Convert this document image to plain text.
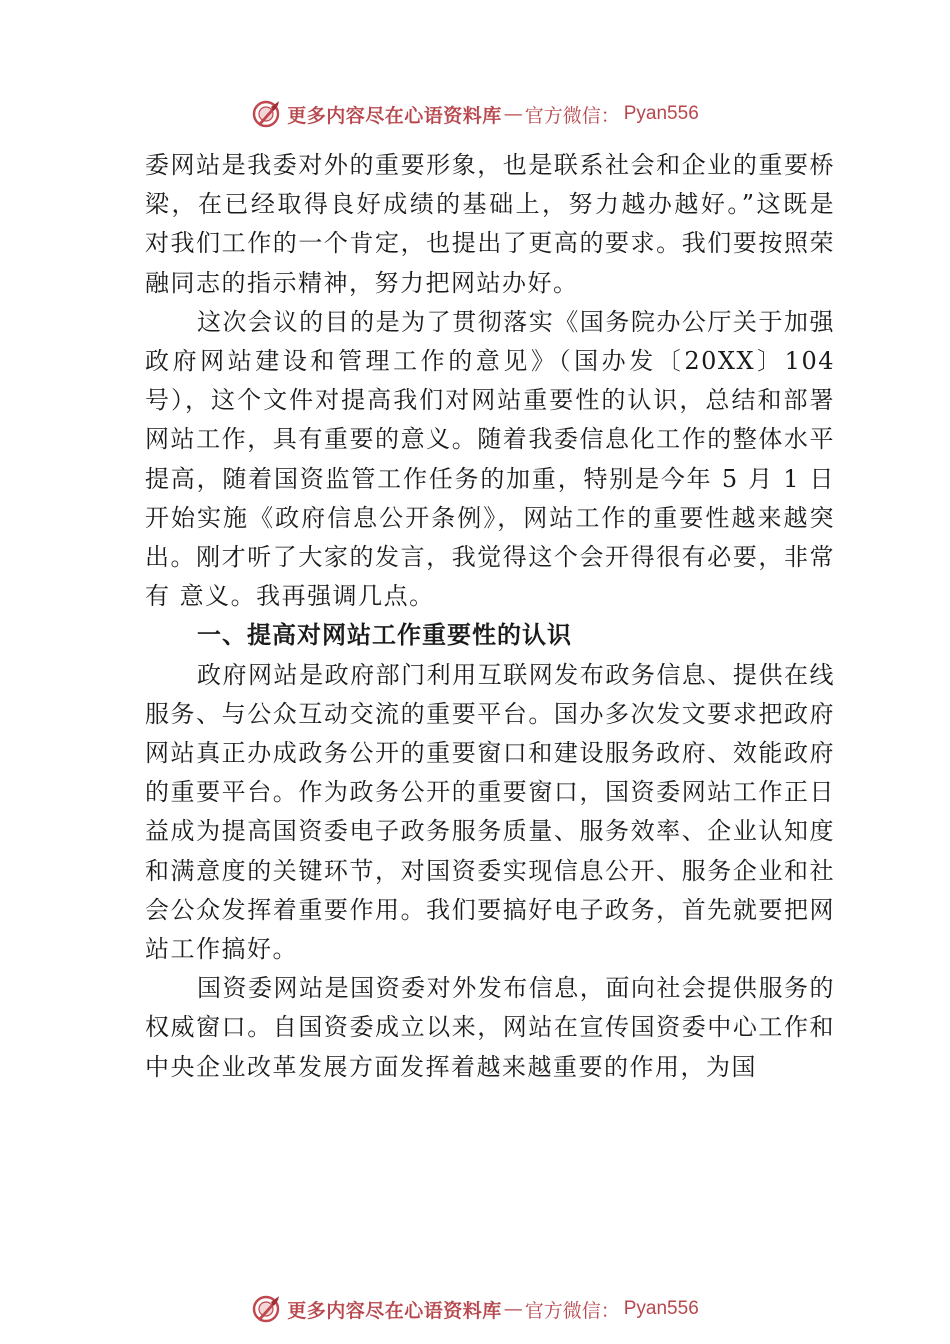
更多内容尽在心语资料库 — 官方微信： Pyan556

委网站是我委对外的重要形象，也是联系社会和企业的重要桥梁，在已经取得良好成绩的基础上，努力越办越好。”这既是对我们工作的一个肯定，也提出了更高的要求。我们要按照荣融同志的指示精神，努力把网站办好。

这次会议的目的是为了贯彻落实《国务院办公厅关于加强政府网站建设和管理工作的意见》（国办发〔20XX〕104 号），这个文件对提高我们对网站重要性的认识，总结和部署网站工作，具有重要的意义。随着我委信息化工作的整体水平提高，随着国资监管工作任务的加重，特别是今年 5 月 1 日开始实施《政府信息公开条例》，网站工作的重要性越来越突出。刚才听了大家的发言，我觉得这个会开得很有必要，非常有 意义。我再强调几点。

一、提高对网站工作重要性的认识

政府网站是政府部门利用互联网发布政务信息、提供在线服务、与公众互动交流的重要平台。国办多次发文要求把政府网站真正办成政务公开的重要窗口和建设服务政府、效能政府的重要平台。作为政务公开的重要窗口，国资委网站工作正日益成为提高国资委电子政务服务质量、服务效率、企业认知度和满意度的关键环节，对国资委实现信息公开、服务企业和社会公众发挥着重要作用。我们要搞好电子政务，首先就要把网站工作搞好。

国资委网站是国资委对外发布信息，面向社会提供服务的权威窗口。自国资委成立以来，网站在宣传国资委中心工作和中央企业改革发展方面发挥着越来越重要的作用，为国

更多内容尽在心语资料库 — 官方微信： Pyan556
